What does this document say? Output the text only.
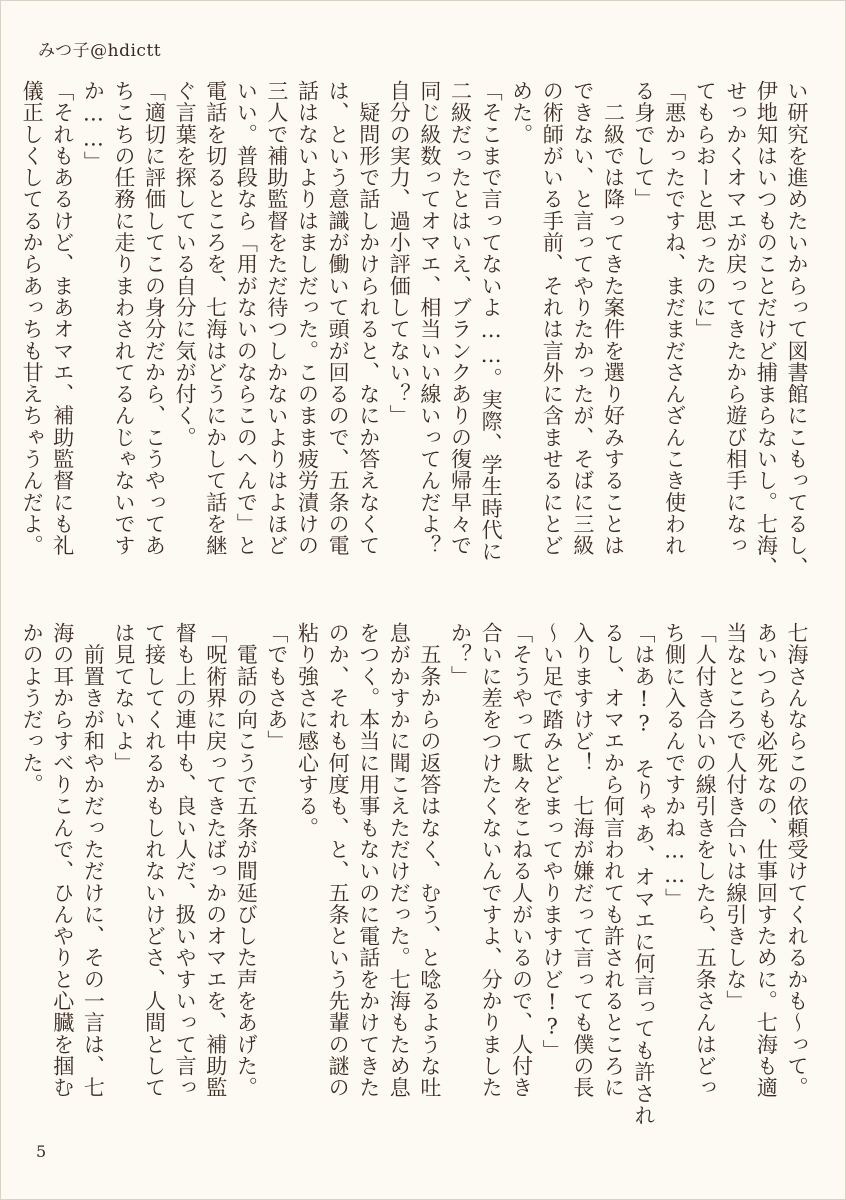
みつ子@hdictt
い研究を進めたいからって図書館にこもってるし、
伊地知はいつものことだけど捕まらないし。七海、
せっかくオマエが戻ってきたから遊び相手になっ
てもらおーと思ったのに」
「悪かったですね、まだまださんざんこき使われ
る身でして」
　二級では降ってきた案件を選り好みすることは
できない、と言ってやりたかったが、そばに三級
の術師がいる手前、それは言外に含ませるにとど
めた。
「そこまで言ってないよ……。実際、学生時代に
二級だったとはいえ、ブランクありの復帰早々で
同じ級数ってオマエ、相当いい線いってんだよ？
自分の実力、過小評価してない？」
　疑問形で話しかけられると、なにか答えなくて
は、という意識が働いて頭が回るので、五条の電
話はないよりはましだった。このまま疲労漬けの
三人で補助監督をただ待つしかないよりはよほど
いい。普段なら「用がないのならこのへんで」と
電話を切るところを、七海はどうにかして話を継
ぐ言葉を探している自分に気が付く。
「適切に評価してこの身分だから、こうやってあ
ちこちの任務に走りまわされてるんじゃないです
か……」
「それもあるけど、まあオマエ、補助監督にも礼
儀正しくしてるからあっちも甘えちゃうんだよ。
七海さんならこの依頼受けてくれるかも〜って。
あいつらも必死なの、仕事回すために。七海も適
当なところで人付き合いは線引きしな」
「人付き合いの線引きをしたら、五条さんはどっ
ち側に入るんですかね……」
「はあ!?　そりゃあ、オマエに何言っても許され
るし、オマエから何言われても許されるところに
入りますけど！　七海が嫌だって言っても僕の長
〜い足で踏みとどまってやりますけど!?」
「そうやって駄々をこねる人がいるので、人付き
合いに差をつけたくないんですよ、分かりました
か？」
　五条からの返答はなく、むう、と唸るような吐
息がかすかに聞こえただけだった。七海もため息
をつく。本当に用事もないのに電話をかけてきた
のか、それも何度も、と、五条という先輩の謎の
粘り強さに感心する。
「でもさあ」
　電話の向こうで五条が間延びした声をあげた。
「呪術界に戻ってきたばっかのオマエを、補助監
督も上の連中も、良い人だ、扱いやすいって言っ
て接してくれるかもしれないけどさ、人間として
は見てないよ」
　前置きが和やかだっただけに、その一言は、七
海の耳からすべりこんで、ひんやりと心臓を掴む
かのようだった。
5
